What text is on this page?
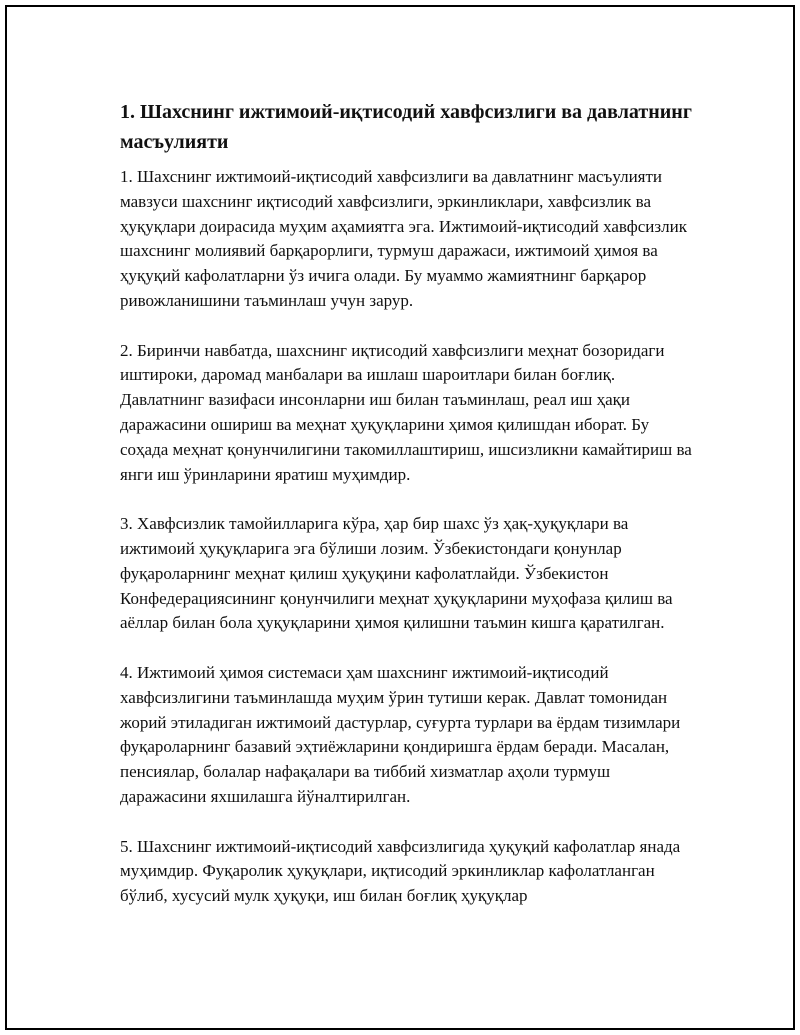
1. Шахснинг ижтимоий-иқтисодий хавфсизлиги ва давлатнинг масъулияти

1. Шахснинг ижтимоий-иқтисодий хавфсизлиги ва давлатнинг масъулияти мавзуси шахснинг иқтисодий хавфсизлиги, эркинликлари, хавфсизлик ва ҳуқуқлари доирасида муҳим аҳамиятга эга. Ижтимоий-иқтисодий хавфсизлик шахснинг молиявий барқарорлиги, турмуш даражаси, ижтимоий ҳимоя ва ҳуқуқий кафолатларни ўз ичига олади. Бу муаммо жамиятнинг барқарор ривожланишини таъминлаш учун зарур.

2. Биринчи навбатда, шахснинг иқтисодий хавфсизлиги меҳнат бозоридаги иштироки, даромад манбалари ва ишлаш шароитлари билан боғлиқ. Давлатнинг вазифаси инсонларни иш билан таъминлаш, реал иш ҳақи даражасини ошириш ва меҳнат ҳуқуқларини ҳимоя қилишдан иборат. Бу соҳада меҳнат қонунчилигини такомиллаштириш, ишсизликни камайтириш ва янги иш ўринларини яратиш муҳимдир.

3. Хавфсизлик тамойилларига кўра, ҳар бир шахс ўз ҳақ-ҳуқуқлари ва ижтимоий ҳуқуқларига эга бўлиши лозим. Ўзбекистондаги қонунлар фуқароларнинг меҳнат қилиш ҳуқуқини кафолатлайди. Ўзбекистон Конфедерациясининг қонунчилиги меҳнат ҳуқуқларини муҳофаза қилиш ва аёллар билан бола ҳуқуқларини ҳимоя қилишни таъмин кишга қаратилган.

4. Ижтимоий ҳимоя системаси ҳам шахснинг ижтимоий-иқтисодий хавфсизлигини таъминлашда муҳим ўрин тутиши керак. Давлат томонидан жорий этиладиган ижтимоий дастурлар, суғурта турлари ва ёрдам тизимлари фуқароларнинг базавий эҳтиёжларини қондиришга ёрдам беради. Масалан, пенсиялар, болалар нафақалари ва тиббий хизматлар аҳоли турмуш даражасини яхшилашга йўналтирилган.

5. Шахснинг ижтимоий-иқтисодий хавфсизлигида ҳуқуқий кафолатлар янада муҳимдир. Фуқаролик ҳуқуқлари, иқтисодий эркинликлар кафолатланган бўлиб, хусусий мулк ҳуқуқи, иш билан боғлиқ ҳуқуқлар
